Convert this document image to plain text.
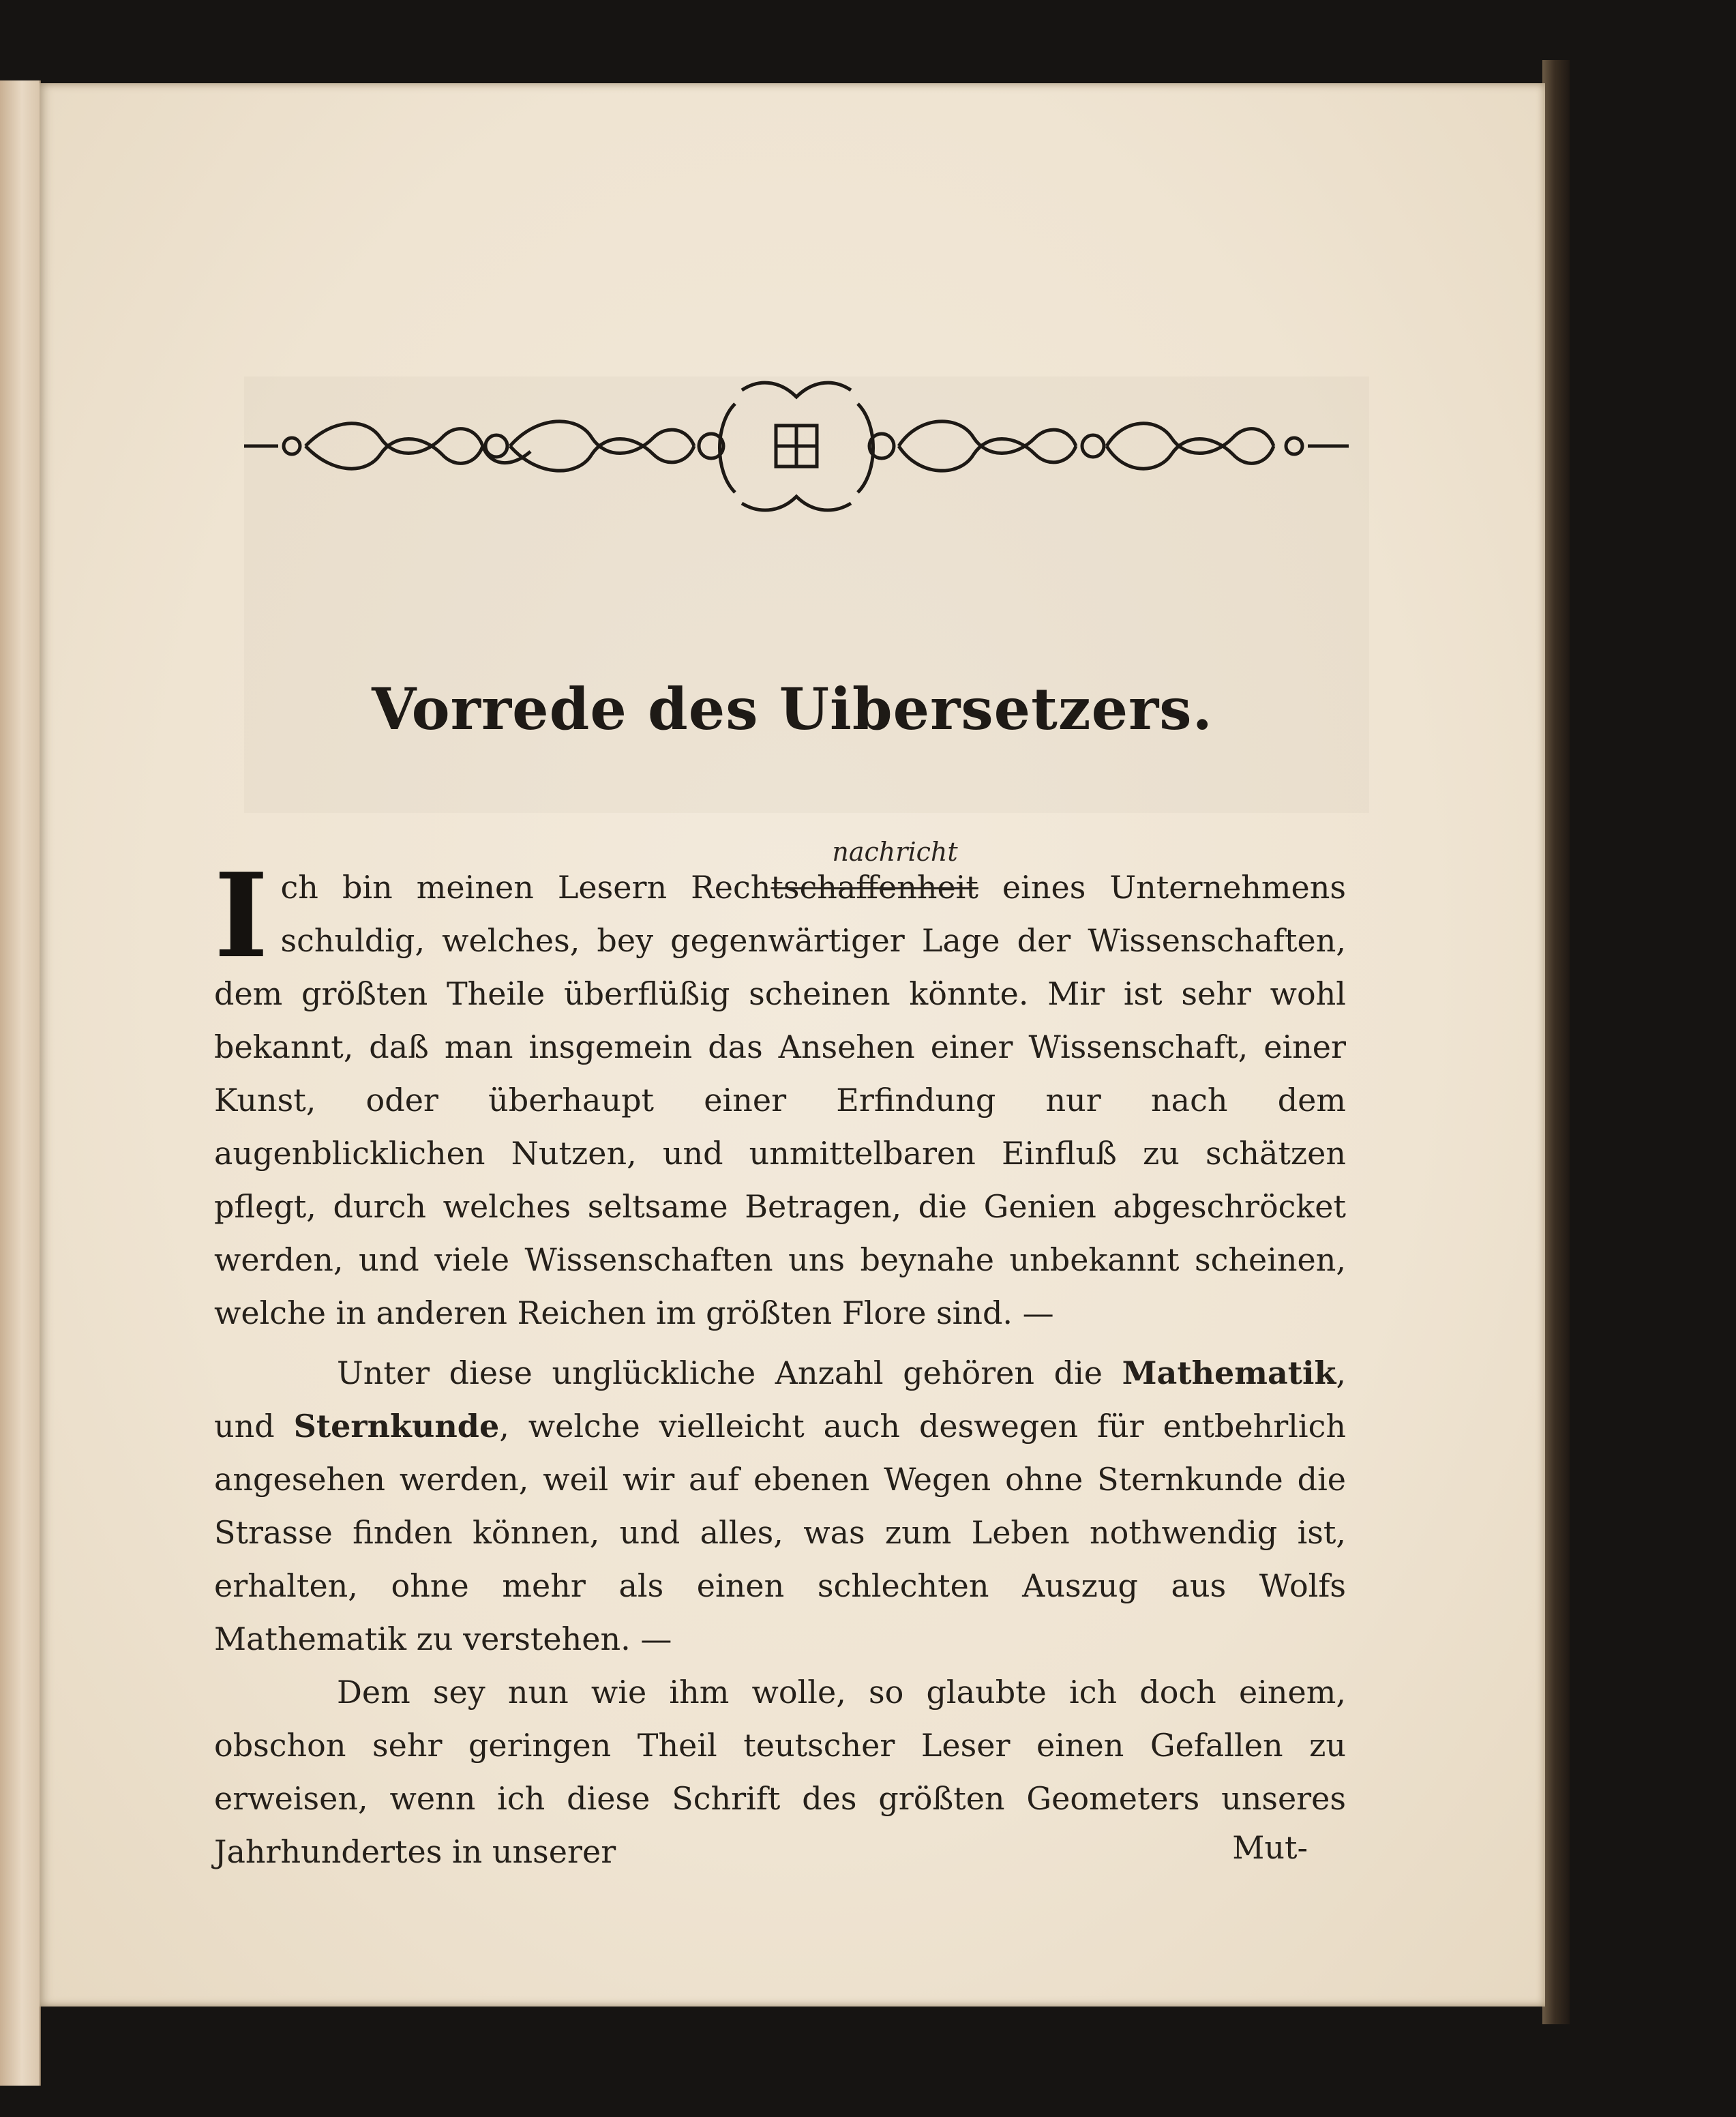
Vorrede des Uibersetzers.
Ich bin meinen Lesern Rech
nachricht
tschaffenheit eines Unternehmens schuldig, welches, bey gegenwärtiger Lage der Wissenschaften, dem größten Theile überflüßig scheinen könnte. Mir ist sehr wohl bekannt, daß man insgemein das Ansehen einer Wissenschaft, einer Kunst, oder überhaupt einer Erfindung nur nach dem augenblicklichen Nutzen, und unmittelbaren Einfluß zu schätzen pflegt, durch welches seltsame Betragen, die Genien abgeschröcket werden, und viele Wissenschaften uns beynahe unbekannt scheinen, welche in anderen Reichen im größten Flore sind. —
Unter diese unglückliche Anzahl gehören die Mathematik, und Sternkunde, welche vielleicht auch deswegen für entbehrlich angesehen werden, weil wir auf ebenen Wegen ohne Sternkunde die Strasse finden können, und alles, was zum Leben nothwendig ist, erhalten, ohne mehr als einen schlechten Auszug aus Wolfs Mathematik zu verstehen. —
Dem sey nun wie ihm wolle, so glaubte ich doch einem, obschon sehr geringen Theil teutscher Leser einen Gefallen zu erweisen, wenn ich diese Schrift des größten Geometers unseres Jahrhundertes in unserer	Mut-
